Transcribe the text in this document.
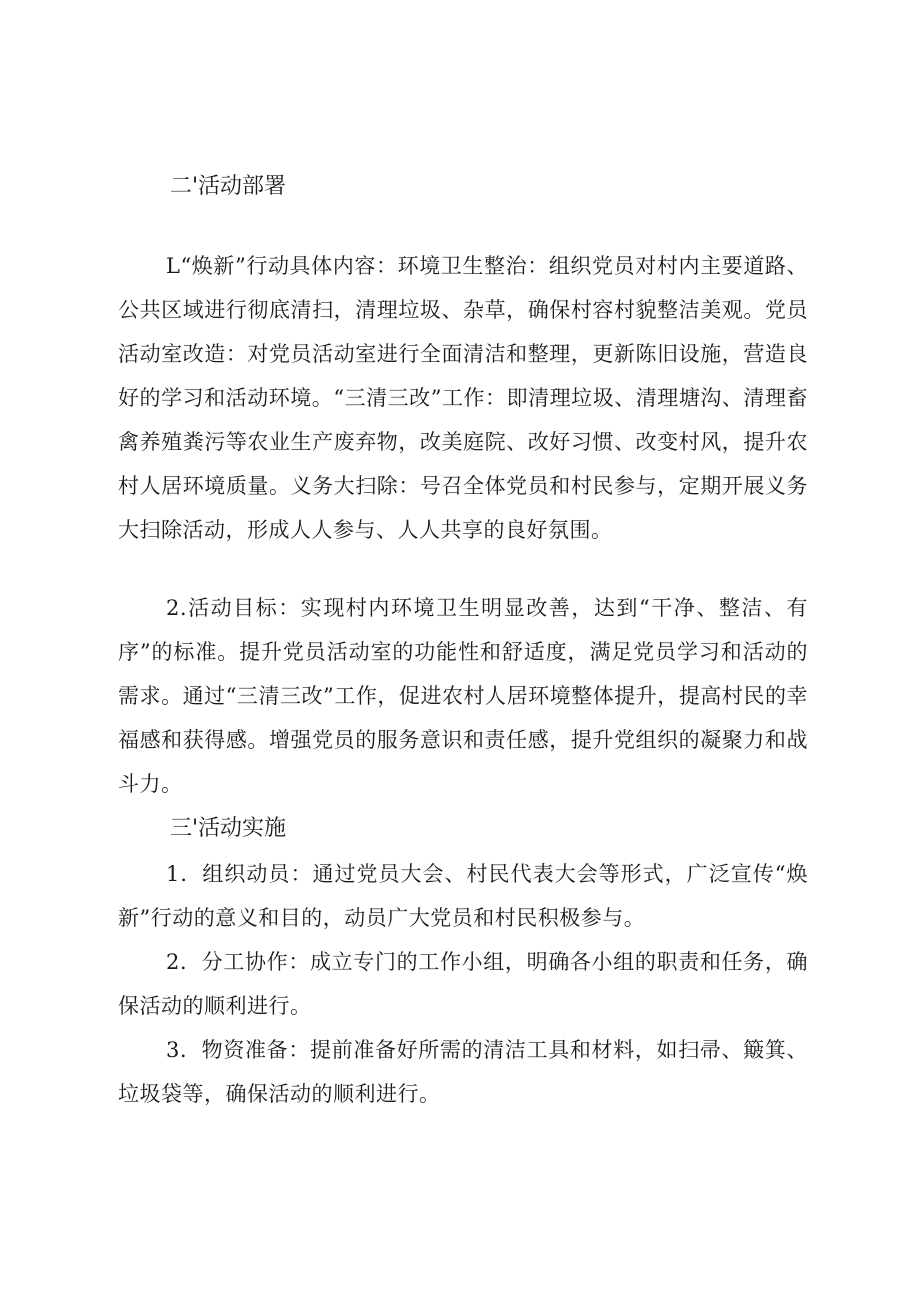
二'活动部署

L“焕新”行动具体内容：环境卫生整治：组织党员对村内主要道路、公共区域进行彻底清扫，清理垃圾、杂草，确保村容村貌整洁美观。党员活动室改造：对党员活动室进行全面清洁和整理，更新陈旧设施，营造良好的学习和活动环境。“三清三改”工作：即清理垃圾、清理塘沟、清理畜禽养殖粪污等农业生产废弃物，改美庭院、改好习惯、改变村风，提升农村人居环境质量。义务大扫除：号召全体党员和村民参与，定期开展义务大扫除活动，形成人人参与、人人共享的良好氛围。

2.活动目标：实现村内环境卫生明显改善，达到“干净、整洁、有序”的标准。提升党员活动室的功能性和舒适度，满足党员学习和活动的需求。通过“三清三改”工作，促进农村人居环境整体提升，提高村民的幸福感和获得感。增强党员的服务意识和责任感，提升党组织的凝聚力和战斗力。

三'活动实施

1．组织动员：通过党员大会、村民代表大会等形式，广泛宣传“焕新”行动的意义和目的，动员广大党员和村民积极参与。

2．分工协作：成立专门的工作小组，明确各小组的职责和任务，确保活动的顺利进行。

3．物资准备：提前准备好所需的清洁工具和材料，如扫帚、簸箕、垃圾袋等，确保活动的顺利进行。
